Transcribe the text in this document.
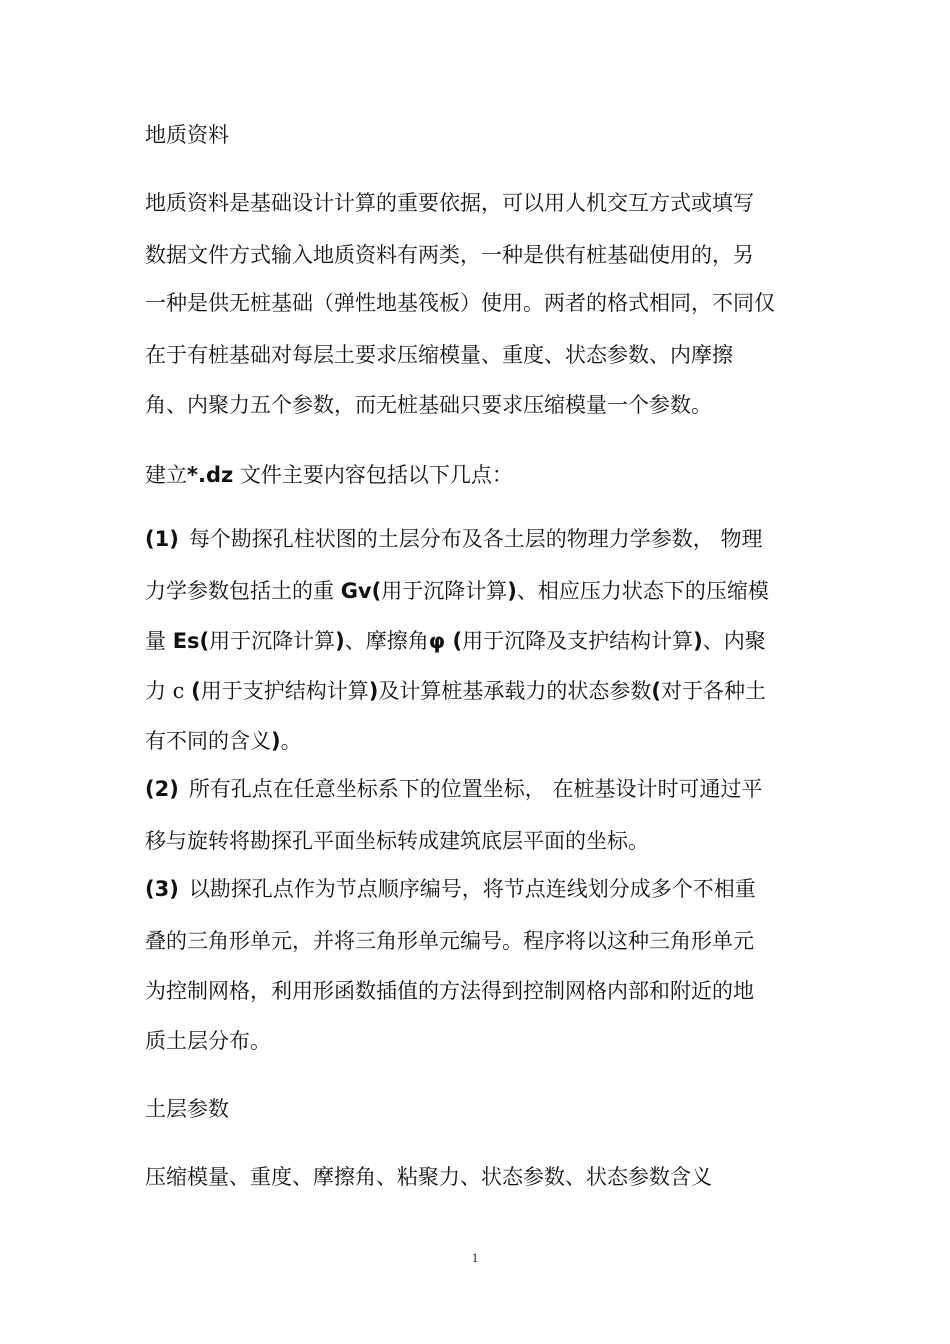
地质资料
地质资料是基础设计计算的重要依据，可以用人机交互方式或填写
数据文件方式输入地质资料有两类，一种是供有桩基础使用的，另
一种是供无桩基础（弹性地基筏板）使用。两者的格式相同，不同仅
在于有桩基础对每层土要求压缩模量、重度、状态参数、内摩擦
角、内聚力五个参数，而无桩基础只要求压缩模量一个参数。
建立*.dz 文件主要内容包括以下几点：
(1) 每个勘探孔柱状图的土层分布及各土层的物理力学参数， 物理
力学参数包括土的重 Gv(用于沉降计算)、相应压力状态下的压缩模
量 Es(用于沉降计算)、摩擦角φ (用于沉降及支护结构计算)、内聚
力 c (用于支护结构计算)及计算桩基承载力的状态参数(对于各种土
有不同的含义)。
(2) 所有孔点在任意坐标系下的位置坐标， 在桩基设计时可通过平
移与旋转将勘探孔平面坐标转成建筑底层平面的坐标。
(3) 以勘探孔点作为节点顺序编号，将节点连线划分成多个不相重
叠的三角形单元，并将三角形单元编号。程序将以这种三角形单元
为控制网格，利用形函数插值的方法得到控制网格内部和附近的地
质土层分布。
土层参数
压缩模量、重度、摩擦角、粘聚力、状态参数、状态参数含义
1
